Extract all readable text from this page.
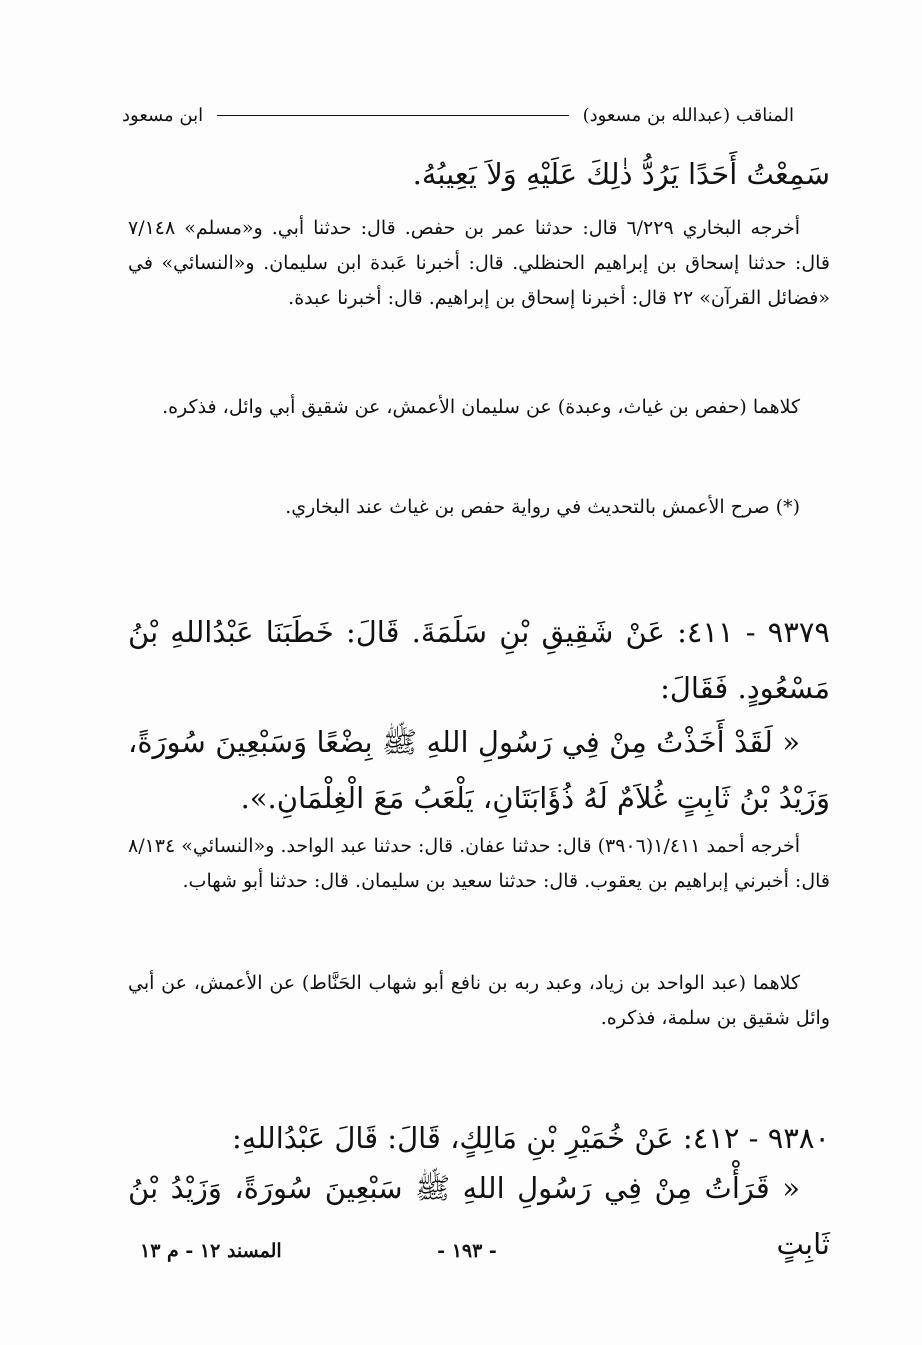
المناقب (عبدالله بن مسعود)
ابن مسعود

سَمِعْتُ أَحَدًا يَرُدُّ ذٰلِكَ عَلَيْهِ وَلاَ يَعِيبُهُ.

أخرجه البخاري ٦/٢٢٩ قال: حدثنا عمر بن حفص. قال: حدثنا أبي. و«مسلم» ٧/١٤٨ قال: حدثنا إسحاق بن إبراهيم الحنظلي. قال: أخبرنا عَبدة ابن سليمان. و«النسائي» في «فضائل القرآن» ٢٢ قال: أخبرنا إسحاق بن إبراهيم. قال: أخبرنا عبدة.

كلاهما (حفص بن غياث، وعبدة) عن سليمان الأعمش، عن شقيق أبي وائل، فذكره.

(*) صرح الأعمش بالتحديث في رواية حفص بن غياث عند البخاري.

٩٣٧٩ - ٤١١: عَنْ شَقِيقِ بْنِ سَلَمَةَ. قَالَ: خَطَبَنَا عَبْدُاللهِ بْنُ مَسْعُودٍ. فَقَالَ:

« لَقَدْ أَخَذْتُ مِنْ فِي رَسُولِ اللهِ ﷺ بِضْعًا وَسَبْعِينَ سُورَةً، وَزَيْدُ بْنُ ثَابِتٍ غُلاَمٌ لَهُ ذُؤَابَتَانِ، يَلْعَبُ مَعَ الْغِلْمَانِ.».

أخرجه أحمد ١/٤١١(٣٩٠٦) قال: حدثنا عفان. قال: حدثنا عبد الواحد. و«النسائي» ٨/١٣٤ قال: أخبرني إبراهيم بن يعقوب. قال: حدثنا سعيد بن سليمان. قال: حدثنا أبو شهاب.

كلاهما (عبد الواحد بن زياد، وعبد ربه بن نافع أبو شهاب الحَنَّاط) عن الأعمش، عن أبي وائل شقيق بن سلمة، فذكره.

٩٣٨٠ - ٤١٢: عَنْ خُمَيْرِ بْنِ مَالِكٍ، قَالَ: قَالَ عَبْدُاللهِ:

« قَرَأْتُ مِنْ فِي رَسُولِ اللهِ ﷺ سَبْعِينَ سُورَةً، وَزَيْدُ بْنُ ثَابِتٍ

- ١٩٣ -
المسند ١٢ - م ١٣
